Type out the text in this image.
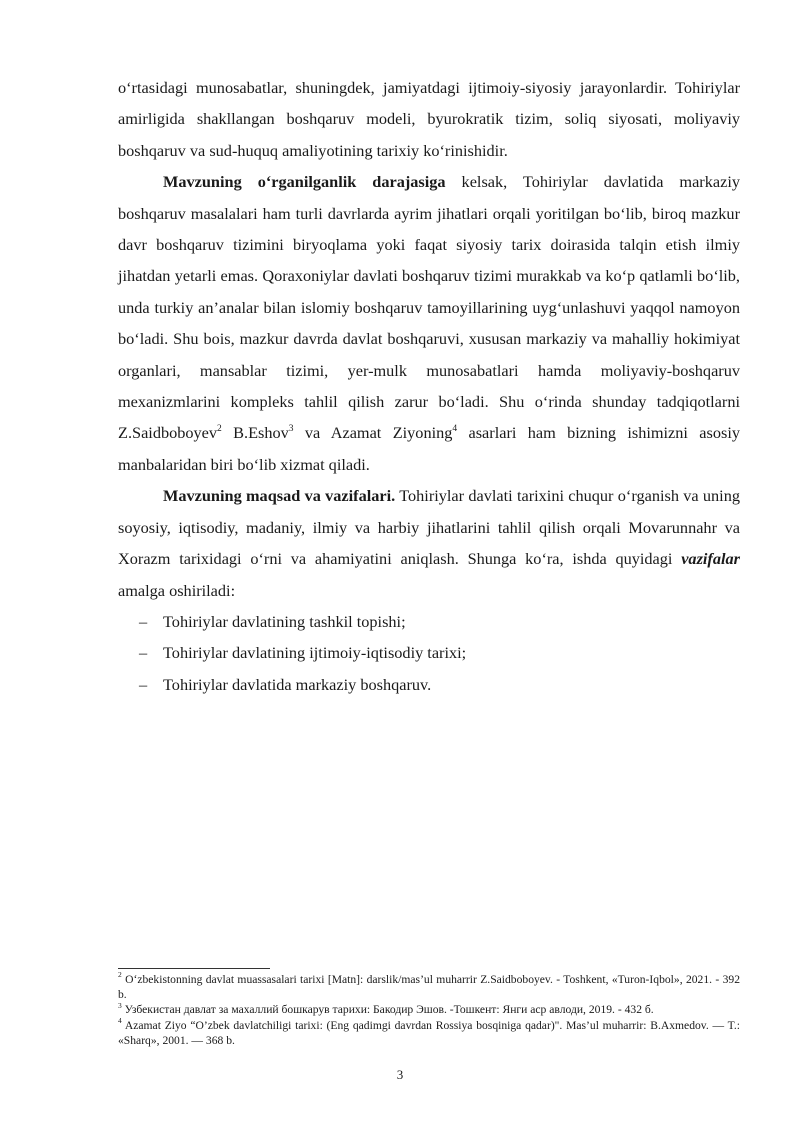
o‘rtasidagi munosabatlar, shuningdek, jamiyatdagi ijtimoiy-siyosiy jarayonlardir. Tohiriylar amirligida shakllangan boshqaruv modeli, byurokratik tizim, soliq siyosati, moliyaviy boshqaruv va sud-huquq amaliyotining tarixiy ko‘rinishidir.

Mavzuning o‘rganilganlik darajasiga kelsak, Tohiriylar davlatida markaziy boshqaruv masalalari ham turli davrlarda ayrim jihatlari orqali yoritilgan bo‘lib, biroq mazkur davr boshqaruv tizimini biryoqlama yoki faqat siyosiy tarix doirasida talqin etish ilmiy jihatdan yetarli emas. Qoraxoniylar davlati boshqaruv tizimi murakkab va ko‘p qatlamli bo‘lib, unda turkiy an’analar bilan islomiy boshqaruv tamoyillarining uyg‘unlashuvi yaqqol namoyon bo‘ladi. Shu bois, mazkur davrda davlat boshqaruvi, xususan markaziy va mahalliy hokimiyat organlari, mansablar tizimi, yer-mulk munosabatlari hamda moliyaviy-boshqaruv mexanizmlarini kompleks tahlil qilish zarur bo‘ladi. Shu o‘rinda shunday tadqiqotlarni Z.Saidboboyev$^2$ B.Eshov$^3$ va Azamat Ziyoning$^4$ asarlari ham bizning ishimizni asosiy manbalaridan biri bo‘lib xizmat qiladi.

Mavzuning maqsad va vazifalari. Tohiriylar davlati tarixini chuqur o‘rganish va uning soyosiy, iqtisodiy, madaniy, ilmiy va harbiy jihatlarini tahlil qilish orqali Movarunnahr va Xorazm tarixidagi o‘rni va ahamiyatini aniqlash. Shunga ko‘ra, ishda quyidagi vazifalar amalga oshiriladi:

– Tohiriylar davlatining tashkil topishi;
– Tohiriylar davlatining ijtimoiy-iqtisodiy tarixi;
– Tohiriylar davlatida markaziy boshqaruv.

$^2$ O‘zbekistonning davlat muassasalari tarixi [Matn]: darslik/mas’ul muharrir Z.Saidboboyev. - Toshkent, «Turon-Iqbol», 2021. - 392 b.

$^3$ Узбекистан давлат за махаллий бошкарув тарихи: Бакодир Эшов. -Тошкент: Янги аср авлоди, 2019. - 432 б.

$^4$ Azamat Ziyo “O’zbek davlatchiligi tarixi: (Eng qadimgi davrdan Rossiya bosqiniga qadar)". Mas’ul muharrir: B.Axmedov. — T.: «Sharq», 2001. — 368 b.

3
